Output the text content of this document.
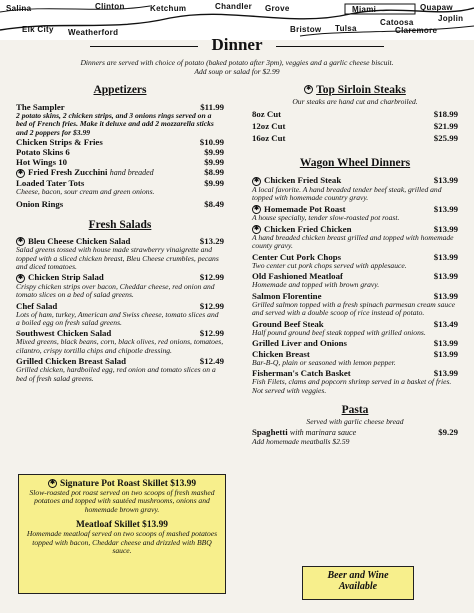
Salina	Clinton	Ketchum	Chandler Grove	Miami	Quapaw
Elk City Weatherford	Bristow Tulsa
Catoosa
Claremore
Joplin
Dinner
Dinners are served with choice of potato (baked potato after 3pm), veggies and a garlic cheese biscuit.
Add soup or salad for $2.99
Appetizers
The Sampler	$11.99
2 potato skins, 2 chicken strips, and 3 onions rings served on a bed of French fries. Make it deluxe and add 2 mozzarella sticks and 2 poppers for $3.99
Chicken Strips & Fries	$10.99
Potato Skins 6	$9.99
Hot Wings 10	$9.99
✱ Fried Fresh Zucchini hand breaded	$8.99
Loaded Tater Tots	$9.99
Cheese, bacon, sour cream and green onions.
Onion Rings	$8.49
Fresh Salads
✱ Bleu Cheese Chicken Salad	$13.29
Salad greens tossed with house made strawberry vinaigrette and topped with a sliced chicken breast, Bleu Cheese crumbles, pecans and diced tomatoes.
✱ Chicken Strip Salad	$12.99
Crispy chicken strips over bacon, Cheddar cheese, red onion and tomato slices on a bed of salad greens.
Chef Salad	$12.99
Lots of ham, turkey, American and Swiss cheese, tomato slices and a boiled egg on fresh salad greens.
Southwest Chicken Salad	$12.99
Mixed greens, black beans, corn, black olives, red onions, tomatoes, cilantro, crispy tortilla chips and chipotle dressing.
Grilled Chicken Breast Salad	$12.49
Grilled chicken, hardboiled egg, red onion and tomato slices on a bed of fresh salad greens.
✱ Signature Pot Roast Skillet $13.99
Slow-roasted pot roast served on two scoops of fresh mashed potatoes and topped with sautéed mushrooms, onions and homemade brown gravy.
Meatloaf Skillet $13.99
Homemade meatloaf served on two scoops of mashed potatoes topped with bacon, Cheddar cheese and drizzled with BBQ sauce.
✱ Top Sirloin Steaks
Our steaks are hand cut and charbroiled.
8oz Cut	$18.99
12oz Cut	$21.99
16oz Cut	$25.99
Wagon Wheel Dinners
✱ Chicken Fried Steak	$13.99
A local favorite. A hand breaded tender beef steak, grilled and topped with homemade country gravy.
✱ Homemade Pot Roast	$13.99
A house specialty, tender slow-roasted pot roast.
✱ Chicken Fried Chicken	$13.99
A hand breaded chicken breast grilled and topped with homemade county gravy.
Center Cut Pork Chops	$13.99
Two center cut pork chops served with applesauce.
Old Fashioned Meatloaf	$13.99
Homemade and topped with brown gravy.
Salmon Florentine	$13.99
Grilled salmon topped with a fresh spinach parmesan cream sauce and served with a double scoop of rice instead of potato.
Ground Beef Steak	$13.49
Half pound ground beef steak topped with grilled onions.
Grilled Liver and Onions	$13.99
Chicken Breast	$13.99
Bar-B-Q, plain or seasoned with lemon pepper.
Fisherman's Catch Basket	$13.99
Fish Filets, clams and popcorn shrimp served in a basket of fries. Not served with veggies.
Pasta
Served with garlic cheese bread
Spaghetti with marinara sauce	$9.29
Add homemade meatballs $2.59
Beer and Wine
Available
